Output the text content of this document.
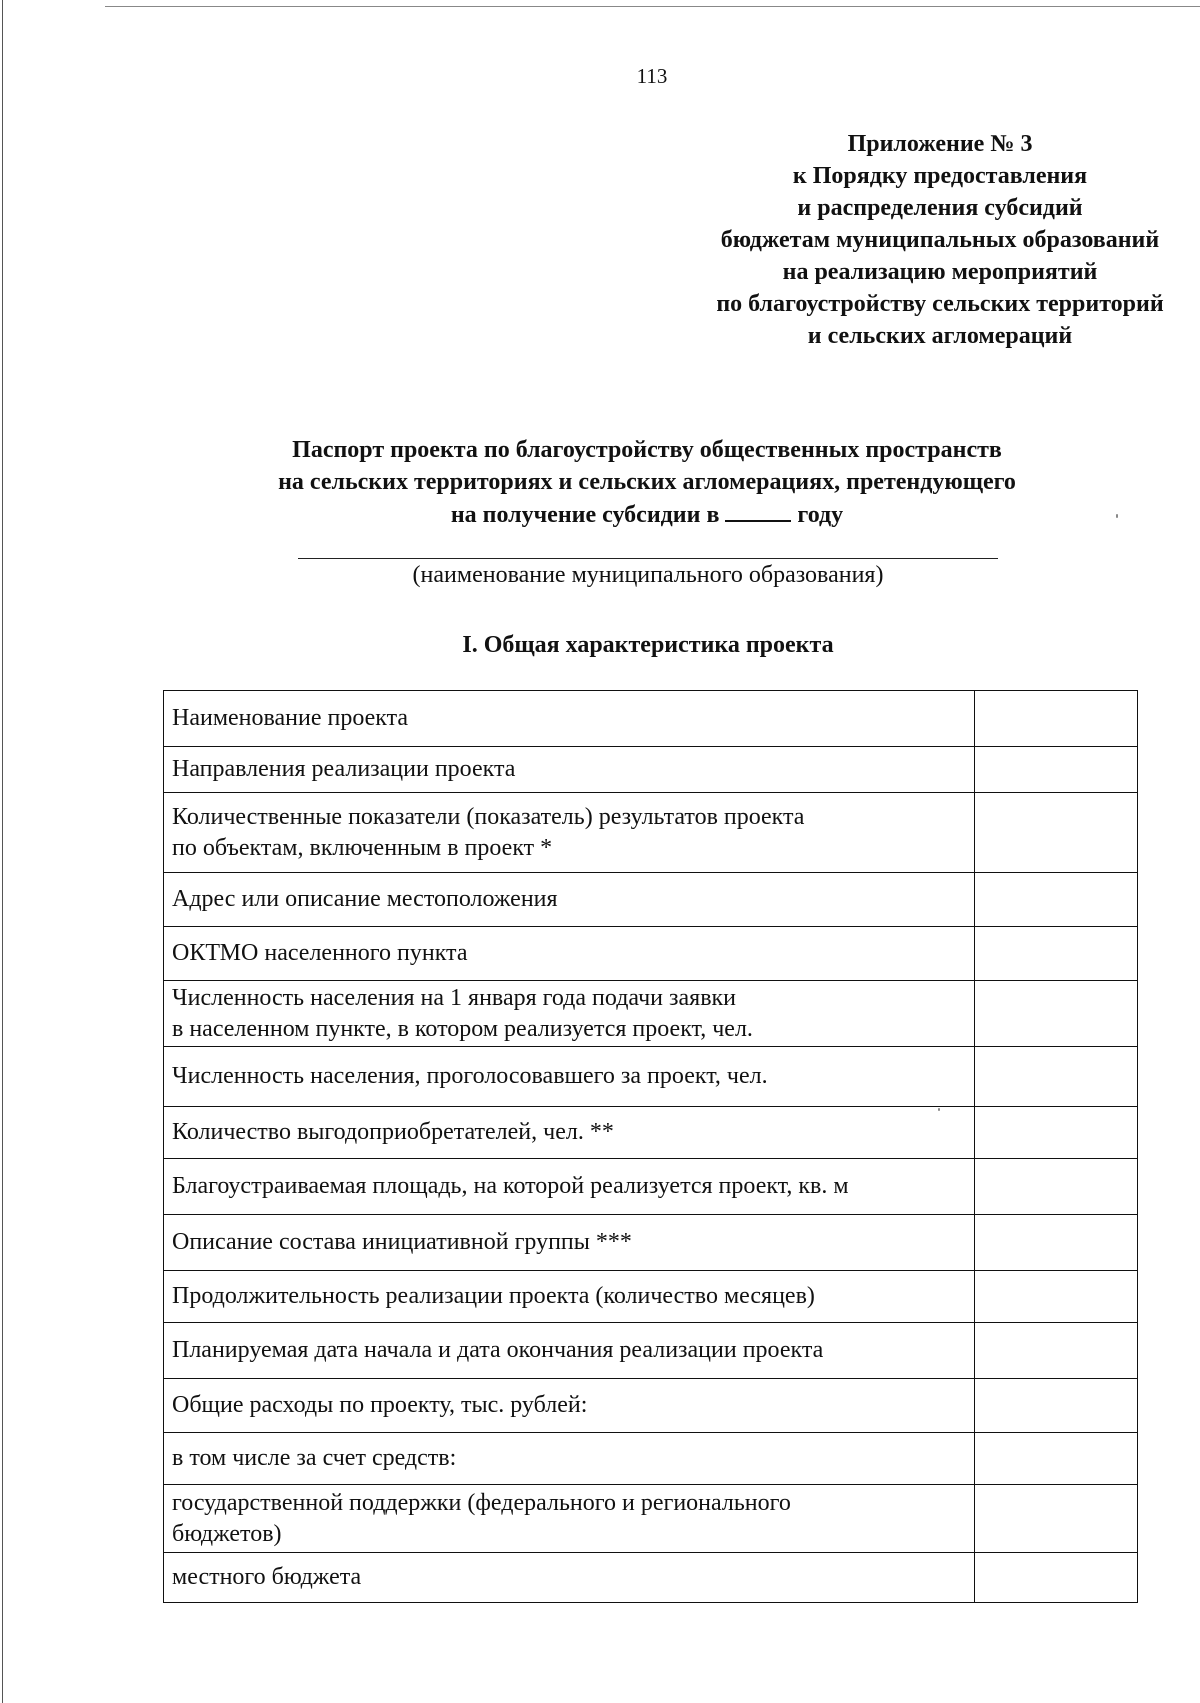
113
Приложение № 3
к Порядку предоставления
и распределения субсидий
бюджетам муниципальных образований
на реализацию мероприятий
по благоустройству сельских территорий
и сельских агломераций
Паспорт проекта по благоустройству общественных пространств
на сельских территориях и сельских агломерациях, претендующего
на получение субсидии в	году
(наименование муниципального образования)
I. Общая характеристика проекта
Наименование проекта	
Направления реализации проекта	
Количественные показатели (показатель) результатов проекта
по объектам, включенным в проект *	
Адрес или описание местоположения	
ОКТМО населенного пункта	
Численность населения на 1 января года подачи заявки
в населенном пункте, в котором реализуется проект, чел.	
Численность населения, проголосовавшего за проект, чел.	
Количество выгодоприобретателей, чел. **	
Благоустраиваемая площадь, на которой реализуется проект, кв. м	
Описание состава инициативной группы ***	
Продолжительность реализации проекта (количество месяцев)	
Планируемая дата начала и дата окончания реализации проекта	
Общие расходы по проекту, тыс. рублей:	
в том числе за счет средств:	
государственной поддержки (федерального и регионального
бюджетов)	
местного бюджета	
